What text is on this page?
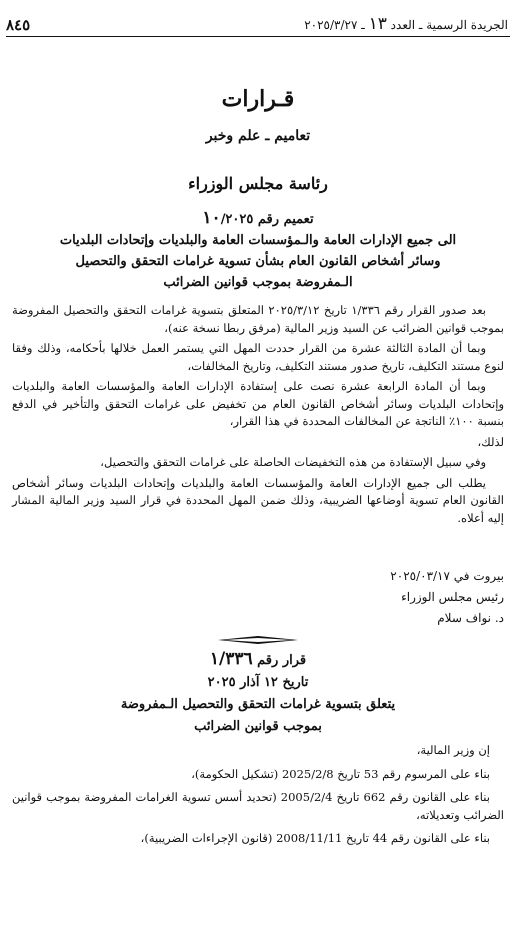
الجريدة الرسمية ـ العدد ١٣ ـ ٢٠٢٥/٣/٢٧
٨٤٥
قـرارات
تعاميم ـ علم وخبر
رئاسة مجلس الوزراء
تعميم رقم ١٠/٢٠٢٥
الى جميع الإدارات العامة والـمؤسسات العامة والبلديات وإتحادات البلديات
وسائر أشخاص القانون العام بشأن تسوية غرامات التحقق والتحصيل
الـمفروضة بموجب قوانين الضرائب

بعد صدور القرار رقم ١/٣٣٦ تاريخ ٢٠٢٥/٣/١٢ المتعلق بتسوية غرامات التحقق والتحصيل المفروضة بموجب قوانين الضرائب عن السيد وزير المالية (مرفق ربطا نسخة عنه)،

وبما أن المادة الثالثة عشرة من القرار حددت المهل التي يستمر العمل خلالها بأحكامه، وذلك وفقا لنوع مستند التكليف، تاريخ صدور مستند التكليف، وتاريخ المخالفات،

وبما أن المادة الرابعة عشرة نصت على إستفادة الإدارات العامة والمؤسسات العامة والبلديات وإتحادات البلديات وسائر أشخاص القانون العام من تخفيض على غرامات التحقق والتأخير في الدفع بنسبة ١٠٠٪ الناتجة عن المخالفات المحددة في هذا القرار،

لذلك،

وفي سبيل الإستفادة من هذه التخفيضات الحاصلة على غرامات التحقق والتحصيل،

يطلب الى جميع الإدارات العامة والمؤسسات العامة والبلديات وإتحادات البلديات وسائر أشخاص القانون العام تسوية أوضاعها الضريبية، وذلك ضمن المهل المحددة في قرار السيد وزير المالية المشار إليه أعلاه.

بيروت في ٢٠٢٥/٠٣/١٧
رئيس مجلس الوزراء
د. نواف سلام
قرار رقم ١/٣٣٦
تاريخ ١٢ آذار ٢٠٢٥
يتعلق بتسوية غرامات التحقق والتحصيل الـمفروضة
بموجب قوانين الضرائب

إن وزير المالية،

بناء على المرسوم رقم 53 تاريخ 2025/2/8 (تشكيل الحكومة)،

بناء على القانون رقم 662 تاريخ 2005/2/4 (تحديد أسس تسوية الغرامات المفروضة بموجب قوانين الضرائب وتعديلاته،

بناء على القانون رقم 44 تاريخ 2008/11/11 (قانون الإجراءات الضريبية)،
